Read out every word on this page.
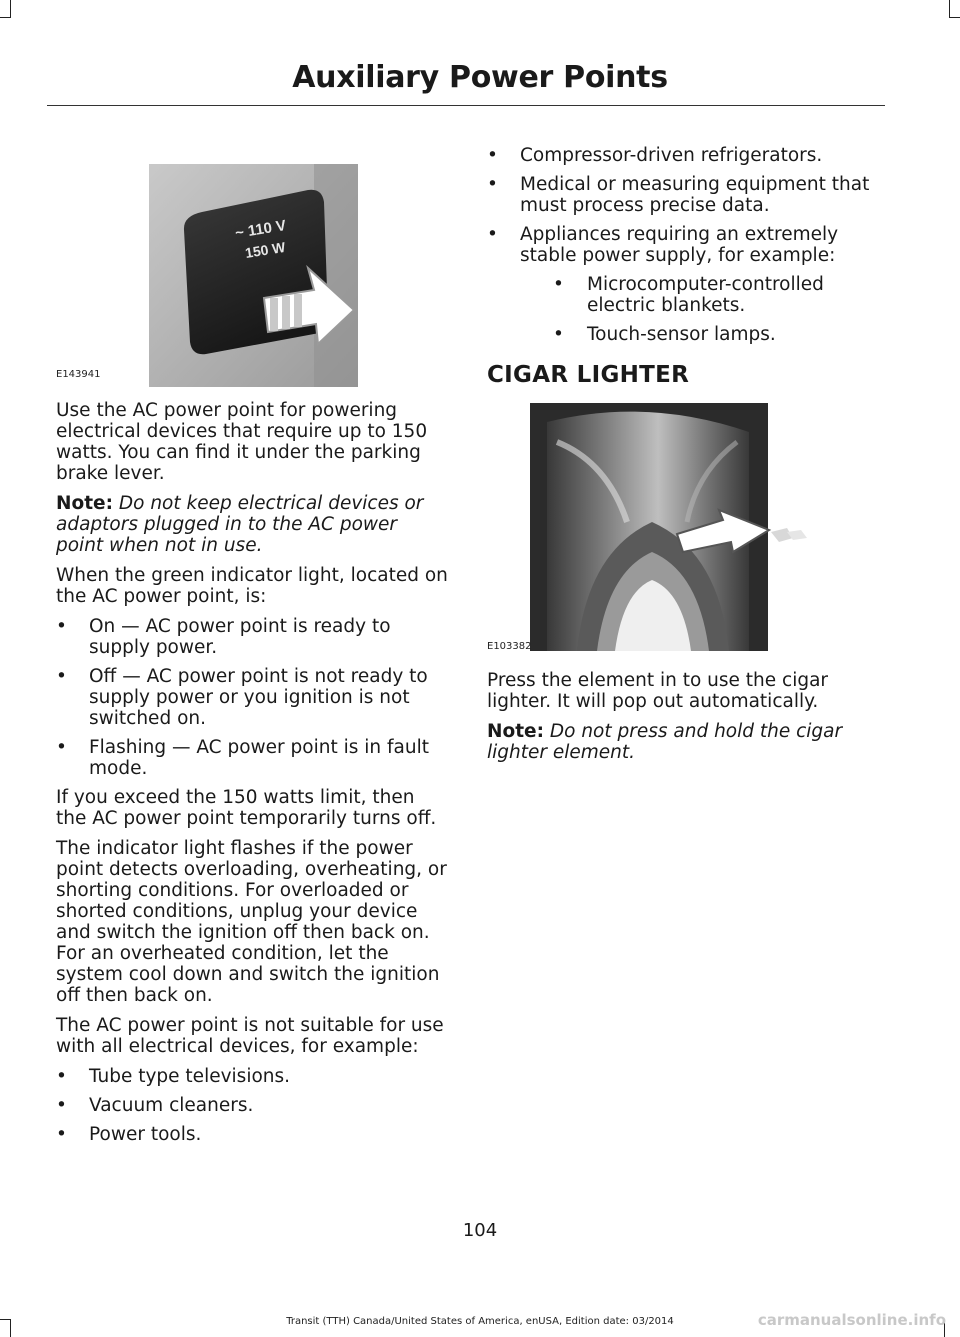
Auxiliary Power Points
~ 110 V
150 W
E143941

Use the AC power point for powering electrical devices that require up to 150 watts. You can find it under the parking brake lever.

Note: Do not keep electrical devices or adaptors plugged in to the AC power point when not in use.

When the green indicator light, located on the AC power point, is:

•	On — AC power point is ready to supply power.
•	Off — AC power point is not ready to supply power or you ignition is not switched on.
•	Flashing — AC power point is in fault mode.

If you exceed the 150 watts limit, then the AC power point temporarily turns off.

The indicator light flashes if the power point detects overloading, overheating, or shorting conditions. For overloaded or shorted conditions, unplug your device and switch the ignition off then back on. For an overheated condition, let the system cool down and switch the ignition off then back on.

The AC power point is not suitable for use with all electrical devices, for example:

•	Tube type televisions.
•	Vacuum cleaners.
•	Power tools.
•	Compressor-driven refrigerators.
•	Medical or measuring equipment that must process precise data.
•	Appliances requiring an extremely stable power supply, for example:
•	Microcomputer-controlled electric blankets.
•	Touch-sensor lamps.
CIGAR LIGHTER
E103382

Press the element in to use the cigar lighter. It will pop out automatically.

Note: Do not press and hold the cigar lighter element.

104
Transit (TTH) Canada/United States of America, enUSA, Edition date: 03/2014	carmanualsonline.info
